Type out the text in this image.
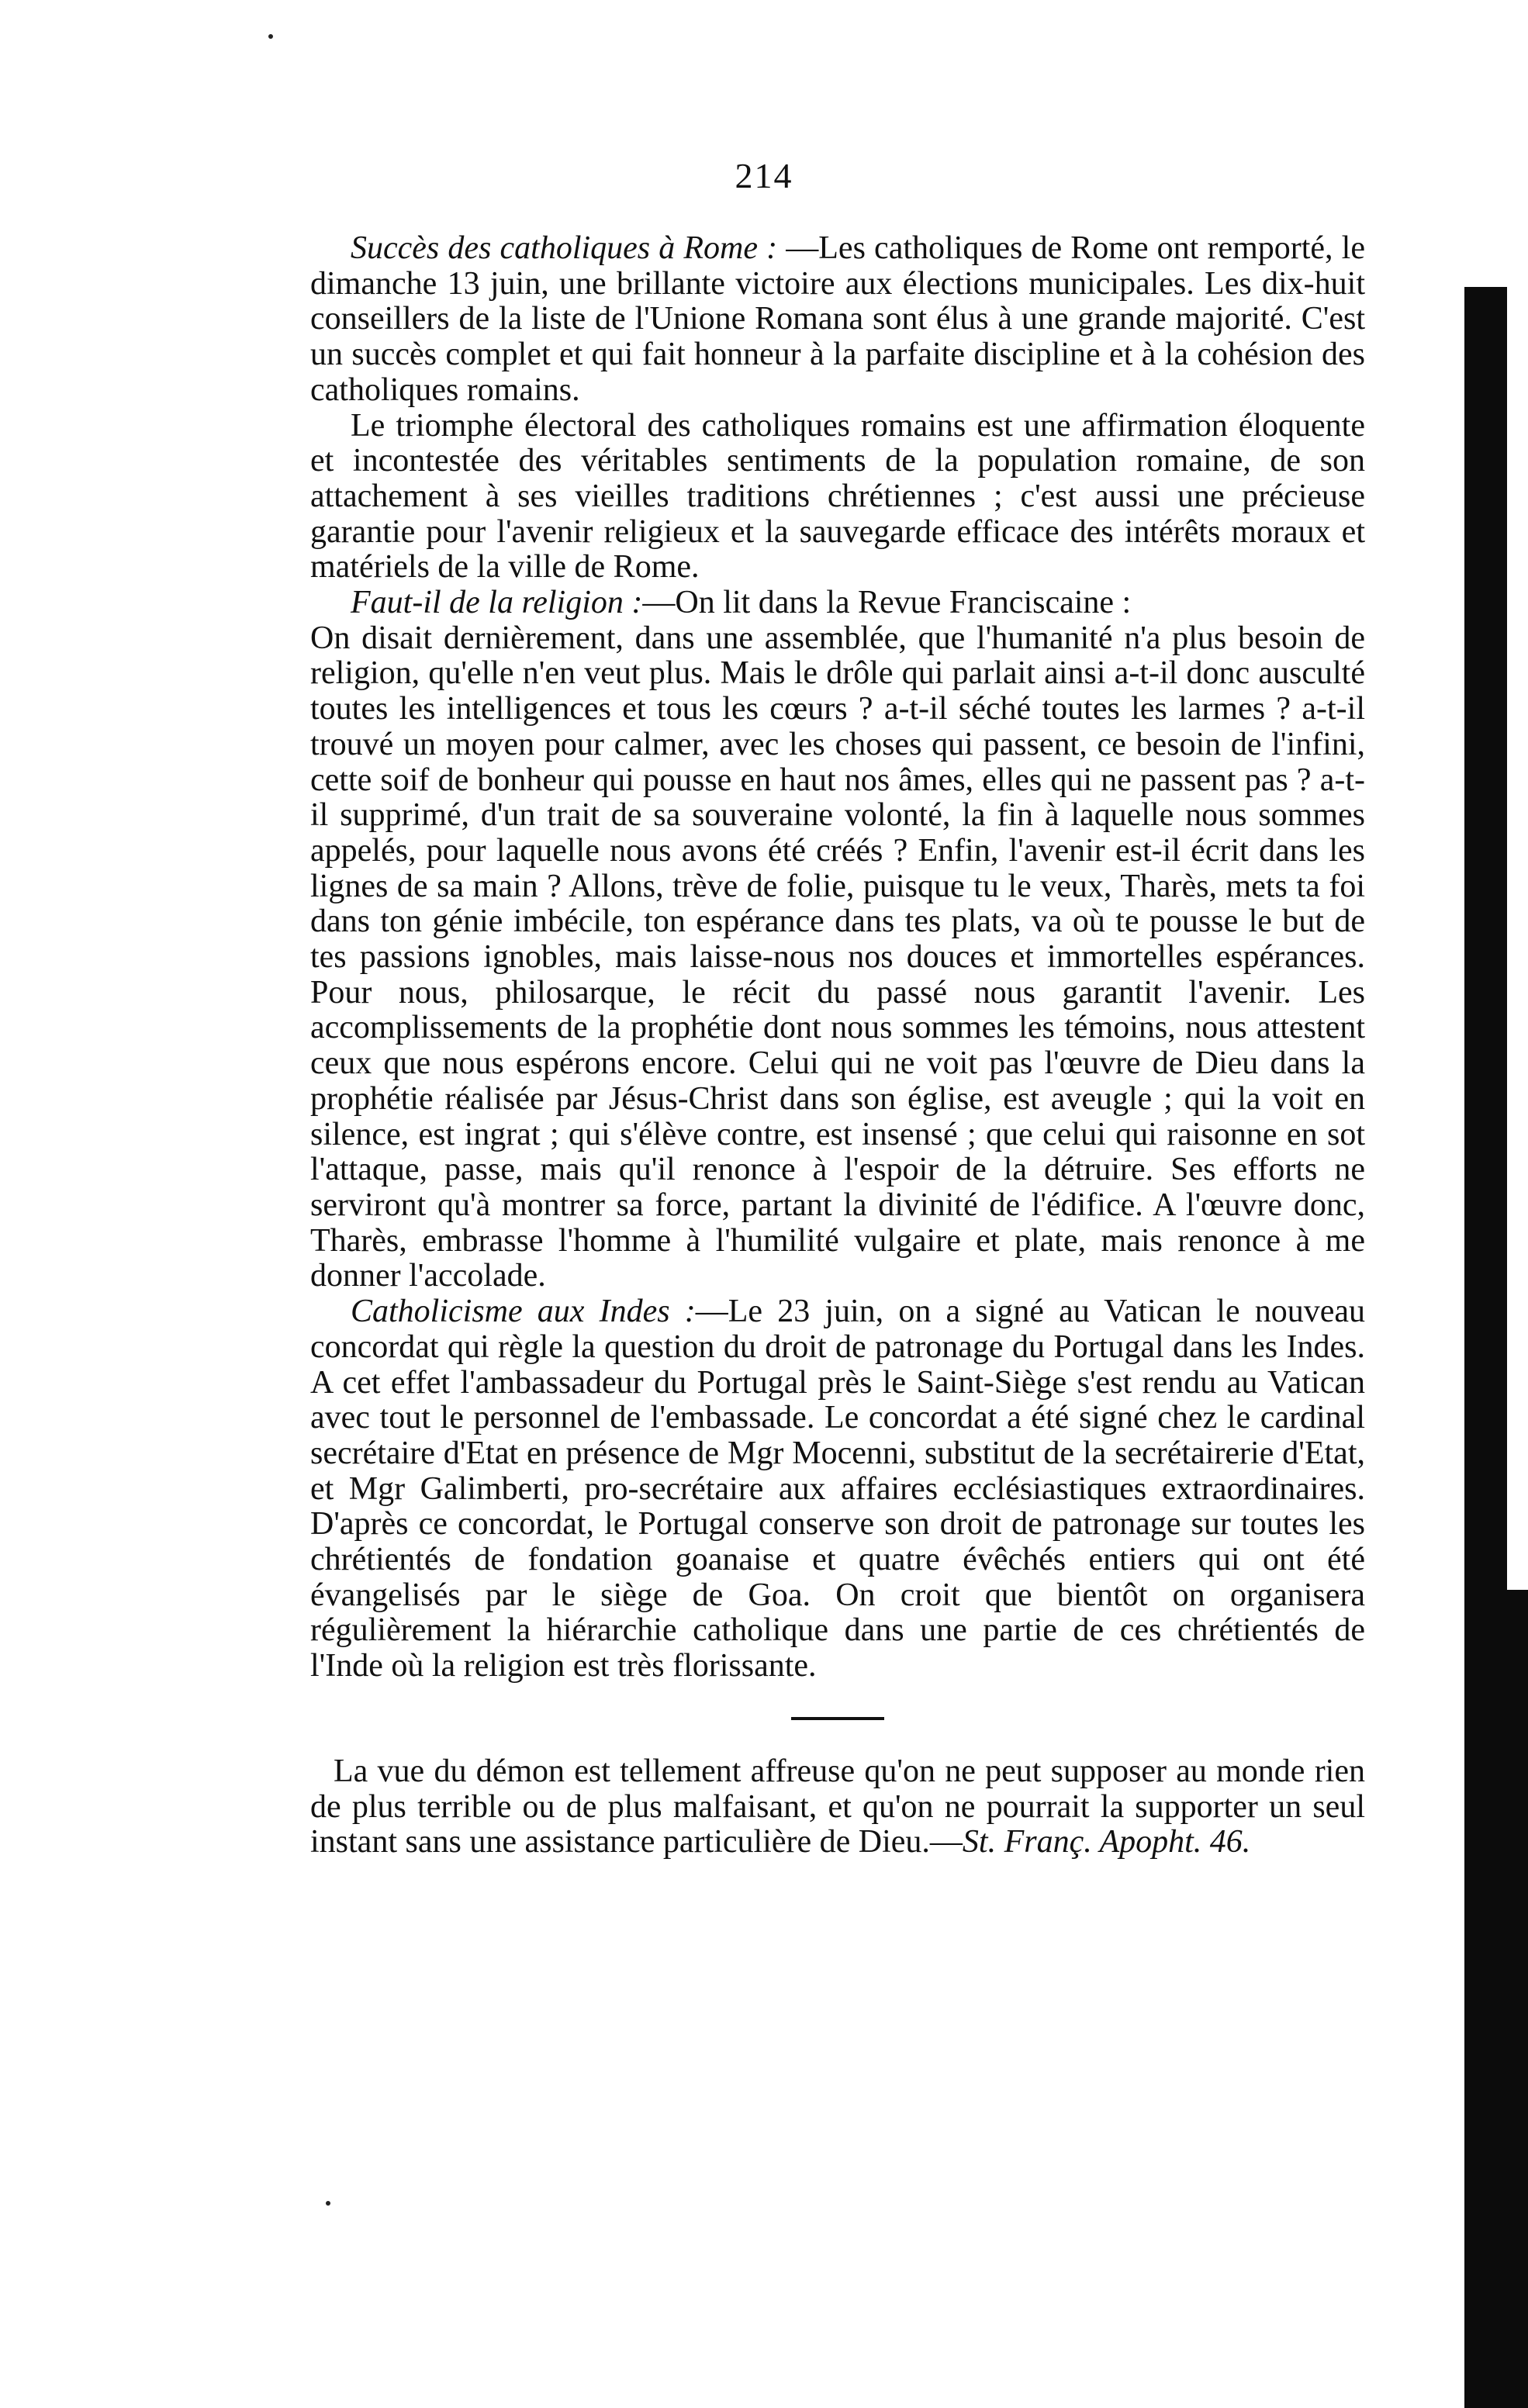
214

Succès des catholiques à Rome : —Les catholiques de Rome ont remporté, le dimanche 13 juin, une brillante victoire aux élections municipales. Les dix-huit conseillers de la liste de l'Unione Romana sont élus à une grande majorité. C'est un succès complet et qui fait honneur à la parfaite discipline et à la cohésion des catholiques romains.

Le triomphe électoral des catholiques romains est une affirmation éloquente et incontestée des véritables sentiments de la population romaine, de son attachement à ses vieilles traditions chrétiennes ; c'est aussi une précieuse garantie pour l'avenir religieux et la sauvegarde efficace des intérêts moraux et matériels de la ville de Rome.

Faut-il de la religion :—On lit dans la Revue Franciscaine :

On disait dernièrement, dans une assemblée, que l'humanité n'a plus besoin de religion, qu'elle n'en veut plus. Mais le drôle qui parlait ainsi a-t-il donc ausculté toutes les intelligences et tous les cœurs ? a-t-il séché toutes les larmes ? a-t-il trouvé un moyen pour calmer, avec les choses qui passent, ce besoin de l'infini, cette soif de bonheur qui pousse en haut nos âmes, elles qui ne passent pas ? a-t-il supprimé, d'un trait de sa souveraine volonté, la fin à laquelle nous sommes appelés, pour laquelle nous avons été créés ? Enfin, l'avenir est-il écrit dans les lignes de sa main ? Allons, trève de folie, puisque tu le veux, Tharès, mets ta foi dans ton génie imbécile, ton espérance dans tes plats, va où te pousse le but de tes passions ignobles, mais laisse-nous nos douces et immortelles espérances. Pour nous, philosarque, le récit du passé nous garantit l'avenir. Les accomplissements de la prophétie dont nous sommes les témoins, nous attestent ceux que nous espérons encore. Celui qui ne voit pas l'œuvre de Dieu dans la prophétie réalisée par Jésus-Christ dans son église, est aveugle ; qui la voit en silence, est ingrat ; qui s'élève contre, est insensé ; que celui qui raisonne en sot l'attaque, passe, mais qu'il renonce à l'espoir de la détruire. Ses efforts ne serviront qu'à montrer sa force, partant la divinité de l'édifice. A l'œuvre donc, Tharès, embrasse l'homme à l'humilité vulgaire et plate, mais renonce à me donner l'accolade.

Catholicisme aux Indes :—Le 23 juin, on a signé au Vatican le nouveau concordat qui règle la question du droit de patronage du Portugal dans les Indes. A cet effet l'ambassadeur du Portugal près le Saint-Siège s'est rendu au Vatican avec tout le personnel de l'embassade. Le concordat a été signé chez le cardinal secrétaire d'Etat en présence de Mgr Mocenni, substitut de la secrétairerie d'Etat, et Mgr Galimberti, pro-secrétaire aux affaires ecclésiastiques extraordinaires. D'après ce concordat, le Portugal conserve son droit de patronage sur toutes les chrétientés de fondation goanaise et quatre évêchés entiers qui ont été évangelisés par le siège de Goa. On croit que bientôt on organisera régulièrement la hiérarchie catholique dans une partie de ces chrétientés de l'Inde où la religion est très florissante.

La vue du démon est tellement affreuse qu'on ne peut supposer au monde rien de plus terrible ou de plus malfaisant, et qu'on ne pourrait la supporter un seul instant sans une assistance particulière de Dieu.—St. Franç. Apopht. 46.
